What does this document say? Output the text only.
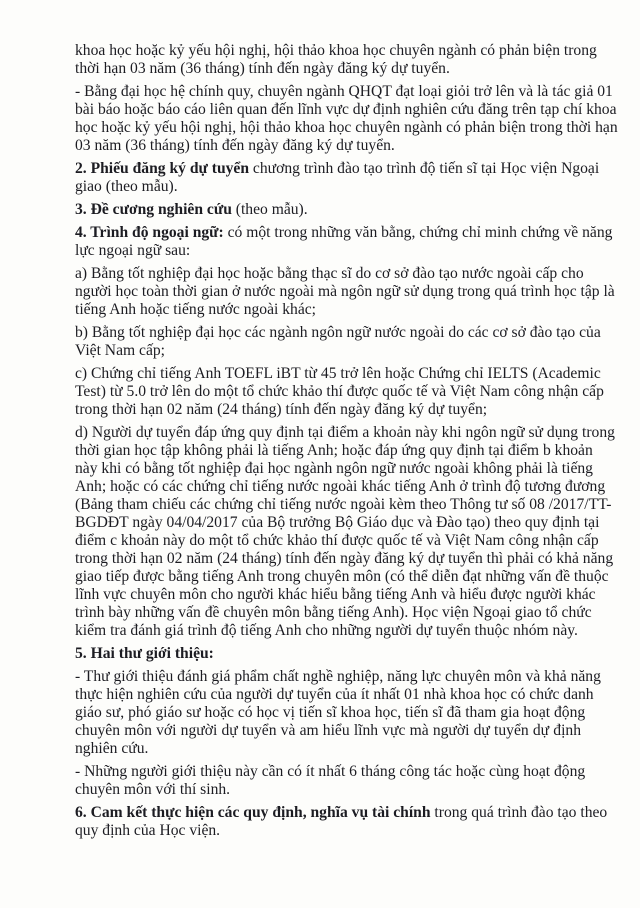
khoa học hoặc kỷ yếu hội nghị, hội thảo khoa học chuyên ngành có phản biện trong
thời hạn 03 năm (36 tháng) tính đến ngày đăng ký dự tuyển.
- Bằng đại học hệ chính quy, chuyên ngành QHQT đạt loại giỏi trở lên và là tác giả 01
bài báo hoặc báo cáo liên quan đến lĩnh vực dự định nghiên cứu đăng trên tạp chí khoa
học hoặc kỷ yếu hội nghị, hội thảo khoa học chuyên ngành có phản biện trong thời hạn
03 năm (36 tháng) tính đến ngày đăng ký dự tuyển.
2. Phiếu đăng ký dự tuyển chương trình đào tạo trình độ tiến sĩ tại Học viện Ngoại
giao (theo mẫu).
3. Đề cương nghiên cứu (theo mẫu).
4. Trình độ ngoại ngữ: có một trong những văn bằng, chứng chỉ minh chứng về năng
lực ngoại ngữ sau:
a) Bằng tốt nghiệp đại học hoặc bằng thạc sĩ do cơ sở đào tạo nước ngoài cấp cho
người học toàn thời gian ở nước ngoài mà ngôn ngữ sử dụng trong quá trình học tập là
tiếng Anh hoặc tiếng nước ngoài khác;
b) Bằng tốt nghiệp đại học các ngành ngôn ngữ nước ngoài do các cơ sở đào tạo của
Việt Nam cấp;
c) Chứng chỉ tiếng Anh TOEFL iBT từ 45 trở lên hoặc Chứng chỉ IELTS (Academic
Test) từ 5.0 trở lên do một tổ chức khảo thí được quốc tế và Việt Nam công nhận cấp
trong thời hạn 02 năm (24 tháng) tính đến ngày đăng ký dự tuyển;
d) Người dự tuyển đáp ứng quy định tại điểm a khoản này khi ngôn ngữ sử dụng trong
thời gian học tập không phải là tiếng Anh; hoặc đáp ứng quy định tại điểm b khoản
này khi có bằng tốt nghiệp đại học ngành ngôn ngữ nước ngoài không phải là tiếng
Anh; hoặc có các chứng chỉ tiếng nước ngoài khác tiếng Anh ở trình độ tương đương
(Bảng tham chiếu các chứng chỉ tiếng nước ngoài kèm theo Thông tư số 08 /2017/TT-
BGDĐT ngày 04/04/2017 của Bộ trưởng Bộ Giáo dục và Đào tạo) theo quy định tại
điểm c khoản này do một tổ chức khảo thí được quốc tế và Việt Nam công nhận cấp
trong thời hạn 02 năm (24 tháng) tính đến ngày đăng ký dự tuyển thì phải có khả năng
giao tiếp được bằng tiếng Anh trong chuyên môn (có thể diễn đạt những vấn đề thuộc
lĩnh vực chuyên môn cho người khác hiểu bằng tiếng Anh và hiểu được người khác
trình bày những vấn đề chuyên môn bằng tiếng Anh). Học viện Ngoại giao tổ chức
kiểm tra đánh giá trình độ tiếng Anh cho những người dự tuyển thuộc nhóm này.
5. Hai thư giới thiệu:
- Thư giới thiệu đánh giá phẩm chất nghề nghiệp, năng lực chuyên môn và khả năng
thực hiện nghiên cứu của người dự tuyển của ít nhất 01 nhà khoa học có chức danh
giáo sư, phó giáo sư hoặc có học vị tiến sĩ khoa học, tiến sĩ đã tham gia hoạt động
chuyên môn với người dự tuyển và am hiểu lĩnh vực mà người dự tuyển dự định
nghiên cứu.
- Những người giới thiệu này cần có ít nhất 6 tháng công tác hoặc cùng hoạt động
chuyên môn với thí sinh.
6. Cam kết thực hiện các quy định, nghĩa vụ tài chính trong quá trình đào tạo theo
quy định của Học viện.
